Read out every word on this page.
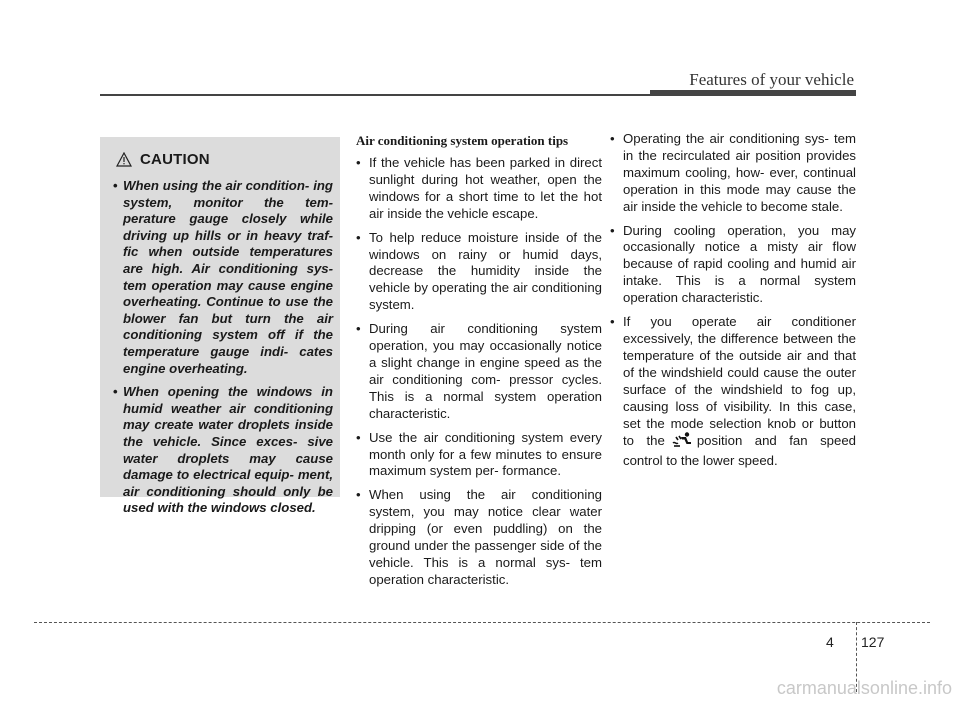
Features of your vehicle
CAUTION
• When using the air condition- ing system, monitor the tem- perature gauge closely while driving up hills or in heavy traf- fic when outside temperatures are high. Air conditioning sys- tem operation may cause engine overheating. Continue to use the blower fan but turn the air conditioning system off if the temperature gauge indi- cates engine overheating.
• When opening the windows in humid weather air conditioning may create water droplets inside the vehicle. Since exces- sive water droplets may cause damage to electrical equip- ment, air conditioning should only be used with the windows closed.
Air conditioning system operation tips
• If the vehicle has been parked in direct sunlight during hot weather, open the windows for a short time to let the hot air inside the vehicle escape.
• To help reduce moisture inside of the windows on rainy or humid days, decrease the humidity inside the vehicle by operating the air conditioning system.
• During air conditioning system operation, you may occasionally notice a slight change in engine speed as the air conditioning com- pressor cycles. This is a normal system operation characteristic.
• Use the air conditioning system every month only for a few minutes to ensure maximum system per- formance.
• When using the air conditioning system, you may notice clear water dripping (or even puddling) on the ground under the passenger side of the vehicle. This is a normal sys- tem operation characteristic.
• Operating the air conditioning sys- tem in the recirculated air position provides maximum cooling, how- ever, continual operation in this mode may cause the air inside the vehicle to become stale.
• During cooling operation, you may occasionally notice a misty air flow because of rapid cooling and humid air intake. This is a normal system operation characteristic.
• If you operate air conditioner excessively, the difference between the temperature of the outside air and that of the windshield could cause the outer surface of the windshield to fog up, causing loss of visibility. In this case, set the mode selection knob or button to the position and fan speed control to the lower speed.
4 127
carmanualsonline.info
